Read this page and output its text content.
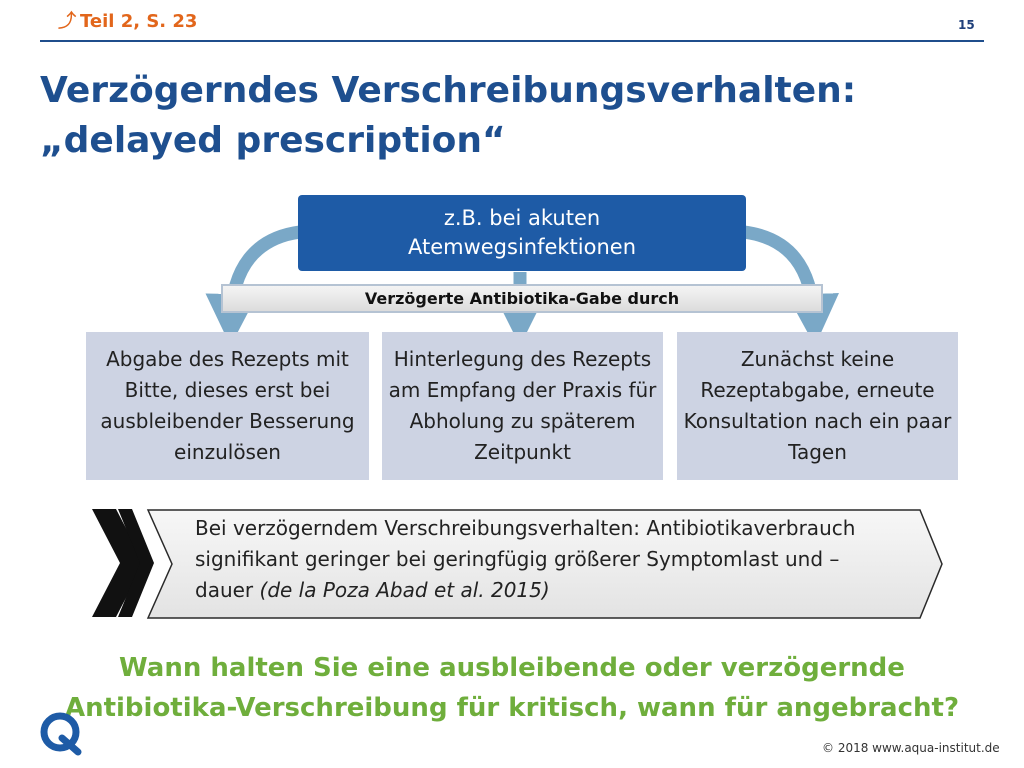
⤴ Teil 2, S. 23	15
Verzögerndes Verschreibungsverhalten:
„delayed prescription“
z.B. bei akuten
Atemwegsinfektionen
Verzögerte Antibiotika-Gabe durch
Abgabe des Rezepts mit Bitte, dieses erst bei ausbleibender Besserung einzulösen
Hinterlegung des Rezepts am Empfang der Praxis für Abholung zu späterem Zeitpunkt
Zunächst keine Rezeptabgabe, erneute Konsultation nach ein paar Tagen
Bei verzögerndem Verschreibungsverhalten: Antibiotikaverbrauch signifikant geringer bei geringfügig größerer Symptomlast und –dauer (de la Poza Abad et al. 2015)
Wann halten Sie eine ausbleibende oder verzögernde
Antibiotika-Verschreibung für kritisch, wann für angebracht?
© 2018 www.aqua-institut.de
